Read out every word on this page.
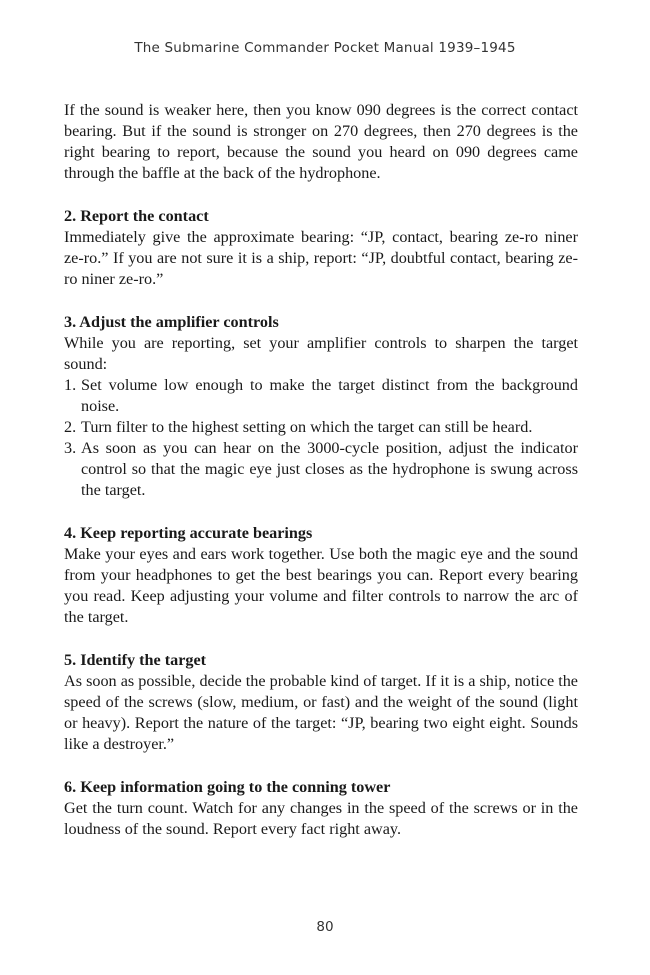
The Submarine Commander Pocket Manual 1939–1945

If the sound is weaker here, then you know 090 degrees is the correct contact bearing. But if the sound is stronger on 270 degrees, then 270 degrees is the right bearing to report, because the sound you heard on 090 degrees came through the baffle at the back of the hydrophone.

2. Report the contact

Immediately give the approximate bearing: “JP, contact, bearing ze-ro niner ze-ro.” If you are not sure it is a ship, report: “JP, doubtful contact, bearing ze-ro niner ze-ro.”

3. Adjust the amplifier controls

While you are reporting, set your amplifier controls to sharpen the target sound:

1. Set volume low enough to make the target distinct from the background noise.
2. Turn filter to the highest setting on which the target can still be heard.
3. As soon as you can hear on the 3000-cycle position, adjust the indicator control so that the magic eye just closes as the hydrophone is swung across the target.

4. Keep reporting accurate bearings

Make your eyes and ears work together. Use both the magic eye and the sound from your headphones to get the best bearings you can. Report every bearing you read. Keep adjusting your volume and filter controls to narrow the arc of the target.

5. Identify the target

As soon as possible, decide the probable kind of target. If it is a ship, notice the speed of the screws (slow, medium, or fast) and the weight of the sound (light or heavy). Report the nature of the target: “JP, bearing two eight eight. Sounds like a destroyer.”

6. Keep information going to the conning tower

Get the turn count. Watch for any changes in the speed of the screws or in the loudness of the sound. Report every fact right away.

80
